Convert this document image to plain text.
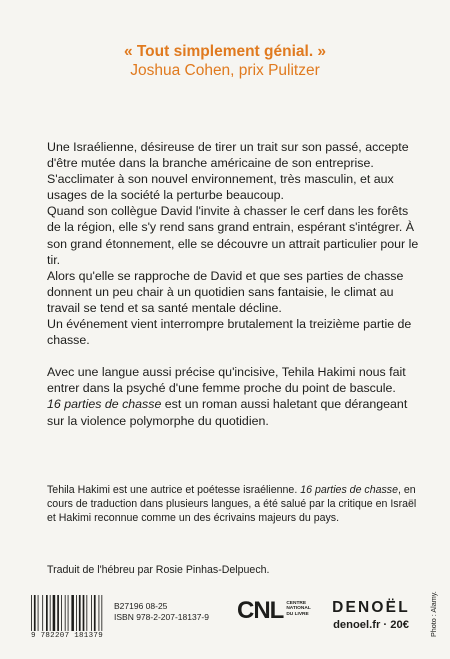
« Tout simplement génial. »
Joshua Cohen, prix Pulitzer

Une Israélienne, désireuse de tirer un trait sur son passé, accepte d'être mutée dans la branche américaine de son entreprise. S'acclimater à son nouvel environnement, très masculin, et aux usages de la société la perturbe beaucoup.

Quand son collègue David l'invite à chasser le cerf dans les forêts de la région, elle s'y rend sans grand entrain, espérant s'intégrer. À son grand étonnement, elle se découvre un attrait particulier pour le tir.

Alors qu'elle se rapproche de David et que ses parties de chasse donnent un peu chair à un quotidien sans fantaisie, le climat au travail se tend et sa santé mentale décline.

Un événement vient interrompre brutalement la treizième partie de chasse.

Avec une langue aussi précise qu'incisive, Tehila Hakimi nous fait entrer dans la psyché d'une femme proche du point de bascule.

16 parties de chasse est un roman aussi haletant que dérangeant sur la violence polymorphe du quotidien.

Tehila Hakimi est une autrice et poétesse israélienne. 16 parties de chasse, en cours de traduction dans plusieurs langues, a été salué par la critique en Israël et Hakimi reconnue comme un des écrivains majeurs du pays.

Traduit de l'hébreu par Rosie Pinhas-Delpuech.
9 782207 181379
B27196 08-25
ISBN 978-2-207-18137-9 CNL CENTRE
NATIONAL
DU LIVRE	DENOËL
denoel.fr · 20€	Photo : Alamy.
